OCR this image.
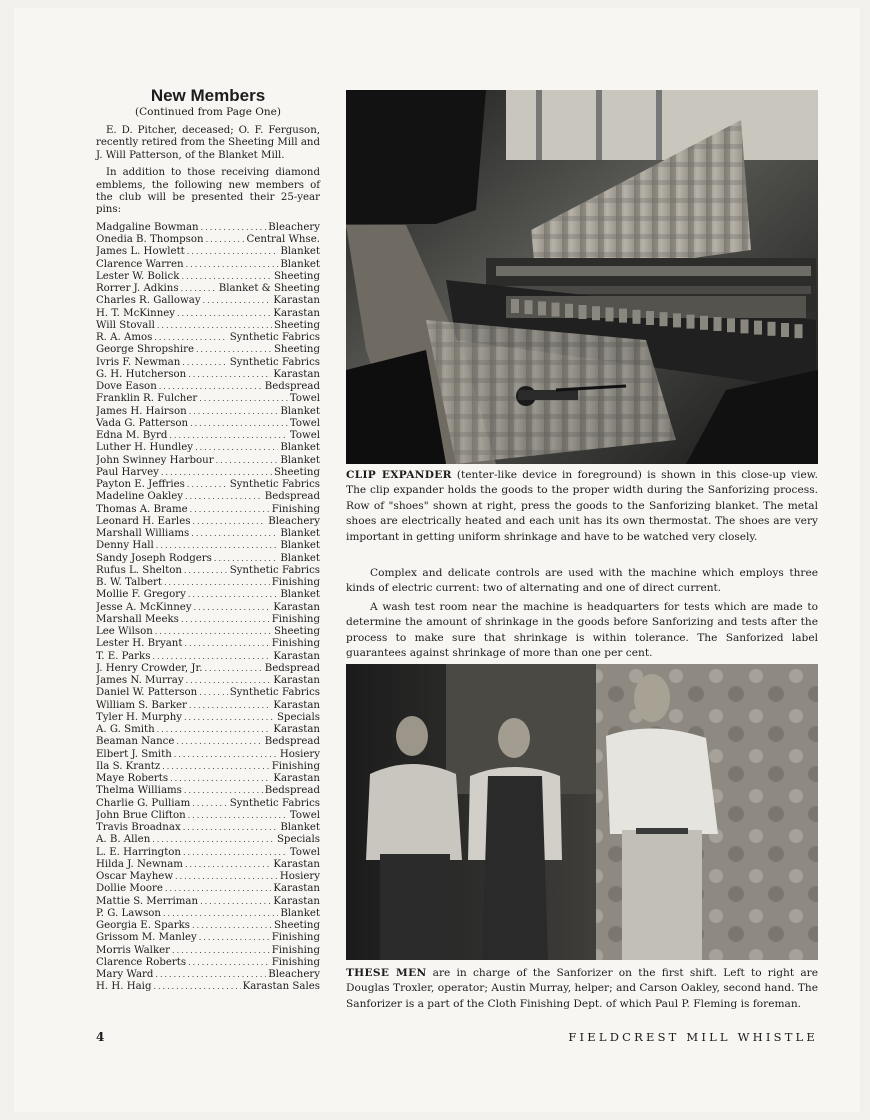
New Members

(Continued from Page One)

E. D. Pitcher, deceased; O. F. Ferguson, recently retired from the Sheeting Mill and J. Will Patterson, of the Blanket Mill.

In addition to those receiving diamond emblems, the following new members of the club will be presented their 25-year pins:

Madgaline Bowman .....	Bleachery
Onedia B. Thompson .....	Central Whse.
James L. Howlett .....	Blanket
Clarence Warren .....	Blanket
Lester W. Bolick .....	Sheeting
Rorrer J. Adkins .....	Blanket & Sheeting
Charles R. Galloway .....	Karastan
H. T. McKinney .....	Karastan
Will Stovall .....	Sheeting
R. A. Amos .....	Synthetic Fabrics
George Shropshire .....	Sheeting
Ivris F. Newman .....	Synthetic Fabrics
G. H. Hutcherson .....	Karastan
Dove Eason .....	Bedspread
Franklin R. Fulcher .....	Towel
James H. Hairson .....	Blanket
Vada G. Patterson .....	Towel
Edna M. Byrd .....	Towel
Luther H. Hundley .....	Blanket
John Swinney Harbour .....	Blanket
Paul Harvey .....	Sheeting
Payton E. Jeffries .....	Synthetic Fabrics
Madeline Oakley .....	Bedspread
Thomas A. Brame .....	Finishing
Leonard H. Earles .....	Bleachery
Marshall Williams .....	Blanket
Denny Hall .....	Blanket
Sandy Joseph Rodgers .....	Blanket
Rufus L. Shelton .....	Synthetic Fabrics
B. W. Talbert .....	Finishing
Mollie F. Gregory .....	Blanket
Jesse A. McKinney .....	Karastan
Marshall Meeks .....	Finishing
Lee Wilson .....	Sheeting
Lester H. Bryant .....	Finishing
T. E. Parks .....	Karastan
J. Henry Crowder, Jr. .....	Bedspread
James N. Murray .....	Karastan
Daniel W. Patterson .....	Synthetic Fabrics
William S. Barker .....	Karastan
Tyler H. Murphy .....	Specials
A. G. Smith .....	Karastan
Beaman Nance .....	Bedspread
Elbert J. Smith .....	Hosiery
Ila S. Krantz .....	Finishing
Maye Roberts .....	Karastan
Thelma Williams .....	Bedspread
Charlie G. Pulliam .....	Synthetic Fabrics
John Brue Clifton .....	Towel
Travis Broadnax .....	Blanket
A. B. Allen .....	Specials
L. E. Harrington .....	Towel
Hilda J. Newnam .....	Karastan
Oscar Mayhew .....	Hosiery
Dollie Moore .....	Karastan
Mattie S. Merriman .....	Karastan
P. G. Lawson .....	Blanket
Georgia E. Sparks .....	Sheeting
Grissom M. Manley .....	Finishing
Morris Walker .....	Finishing
Clarence Roberts .....	Finishing
Mary Ward .....	Bleachery
H. H. Haig .....	Karastan Sales
4
CLIP EXPANDER (tenter-like device in foreground) is shown in this close-up view. The clip expander holds the goods to the proper width during the Sanforizing process. Row of "shoes" shown at right, press the goods to the Sanforizing blanket. The metal shoes are electrically heated and each unit has its own thermostat. The shoes are very important in getting uniform shrinkage and have to be watched very closely.
Complex and delicate controls are used with the machine which employs three kinds of electric current: two of alternating and one of direct current.
A wash test room near the machine is headquarters for tests which are made to determine the amount of shrinkage in the goods before Sanforizing and tests after the process to make sure that shrinkage is within tolerance. The Sanforized label guarantees against shrinkage of more than one per cent.
THESE MEN are in charge of the Sanforizer on the first shift. Left to right are Douglas Troxler, operator; Austin Murray, helper; and Carson Oakley, second hand. The Sanforizer is a part of the Cloth Finishing Dept. of which Paul P. Fleming is foreman.
FIELDCREST MILL WHISTLE
